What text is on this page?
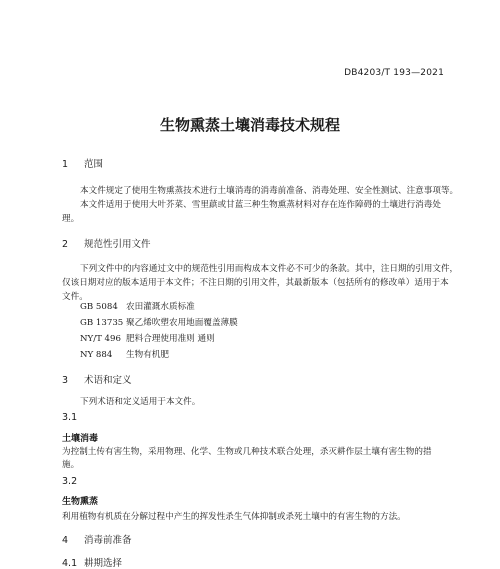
DB4203/T 193—2021
生物熏蒸土壤消毒技术规程
1 范围
本文件规定了使用生物熏蒸技术进行土壤消毒的消毒前准备、消毒处理、安全性测试、注意事项等。
本文件适用于使用大叶芥菜、雪里蕻或甘蓝三种生物熏蒸材料对存在连作障碍的土壤进行消毒处
理。
2 规范性引用文件
下列文件中的内容通过文中的规范性引用而构成本文件必不可少的条款。其中，注日期的引用文件，
仅该日期对应的版本适用于本文件；不注日期的引用文件，其最新版本（包括所有的修改单）适用于本
文件。
GB 5084 农田灌溉水质标准
GB 13735 聚乙烯吹塑农用地面覆盖薄膜
NY/T 496 肥料合理使用准则 通则
NY 884 生物有机肥
3 术语和定义
下列术语和定义适用于本文件。
3.1
土壤消毒
为控制土传有害生物，采用物理、化学、生物或几种技术联合处理，杀灭耕作层土壤有害生物的措
施。
3.2
生物熏蒸
利用植物有机质在分解过程中产生的挥发性杀生气体抑制或杀死土壤中的有害生物的方法。
4 消毒前准备
4.1 耕期选择
